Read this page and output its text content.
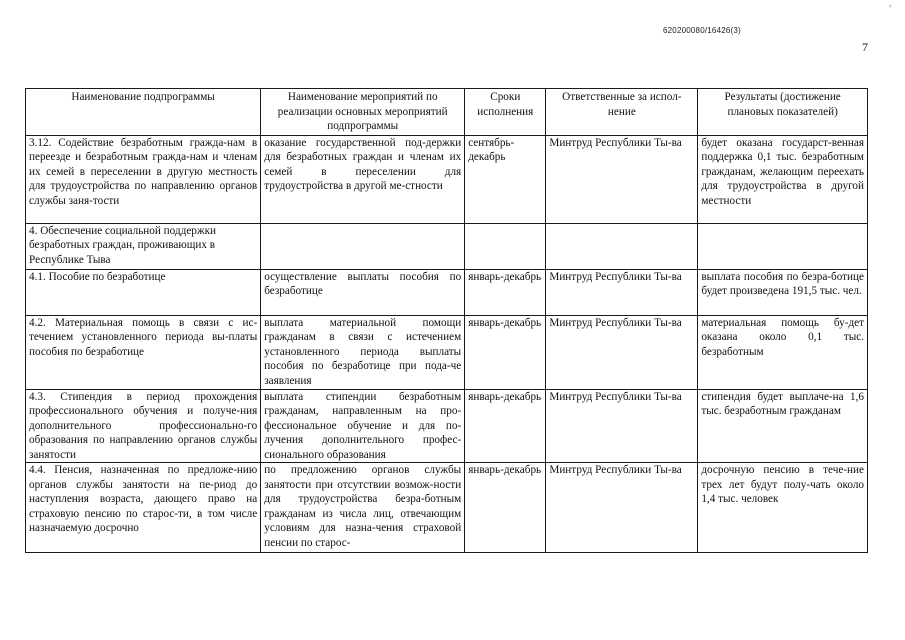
‹
620200080/16426(3)
7
Наименование подпрограммы	Наименование мероприятий по реализации основных мероприятий подпрограммы	Сроки исполнения	Ответственные за испол-нение	Результаты (достижение плановых показателей)
3.12. Содействие безработным гражда-нам в переезде и безработным гражда-нам и членам их семей в переселении в другую местность для трудоустройства по направлению органов службы заня-тости	оказание государственной под-держки для безработных граждан и членам их семей в переселении для трудоустройства в другой ме-стности	сентябрь-декабрь	Минтруд Республики Ты-ва	будет оказана государст-венная поддержка 0,1 тыс. безработным гражданам, желающим переехать для трудоустройства в другой местности
4. Обеспечение социальной поддержки безработных граждан, проживающих в Республике Тыва				
4.1. Пособие по безработице	осуществление выплаты пособия по безработице	январь-декабрь	Минтруд Республики Ты-ва	выплата пособия по безра-ботице будет произведена 191,5 тыс. чел.
4.2. Материальная помощь в связи с ис-течением установленного периода вы-платы пособия по безработице	выплата материальной помощи гражданам в связи с истечением установленного периода выплаты пособия по безработице при пода-че заявления	январь-декабрь	Минтруд Республики Ты-ва	материальная помощь бу-дет оказана около 0,1 тыс. безработным
4.3. Стипендия в период прохождения профессионального обучения и получе-ния дополнительного профессионально-го образования по направлению органов службы занятости	выплата стипендии безработным гражданам, направленным на про-фессиональное обучение и для по-лучения дополнительного профес-сионального образования	январь-декабрь	Минтруд Республики Ты-ва	стипендия будет выплаче-на 1,6 тыс. безработным гражданам
4.4. Пенсия, назначенная по предложе-нию органов службы занятости на пе-риод до наступления возраста, дающего право на страховую пенсию по старос-ти, в том числе назначаемую досрочно	по предложению органов службы занятости при отсутствии возмож-ности для трудоустройства безра-ботным гражданам из числа лиц, отвечающим условиям для назна-чения страховой пенсии по старос-	январь-декабрь	Минтруд Республики Ты-ва	досрочную пенсию в тече-ние трех лет будут полу-чать около 1,4 тыс. человек
